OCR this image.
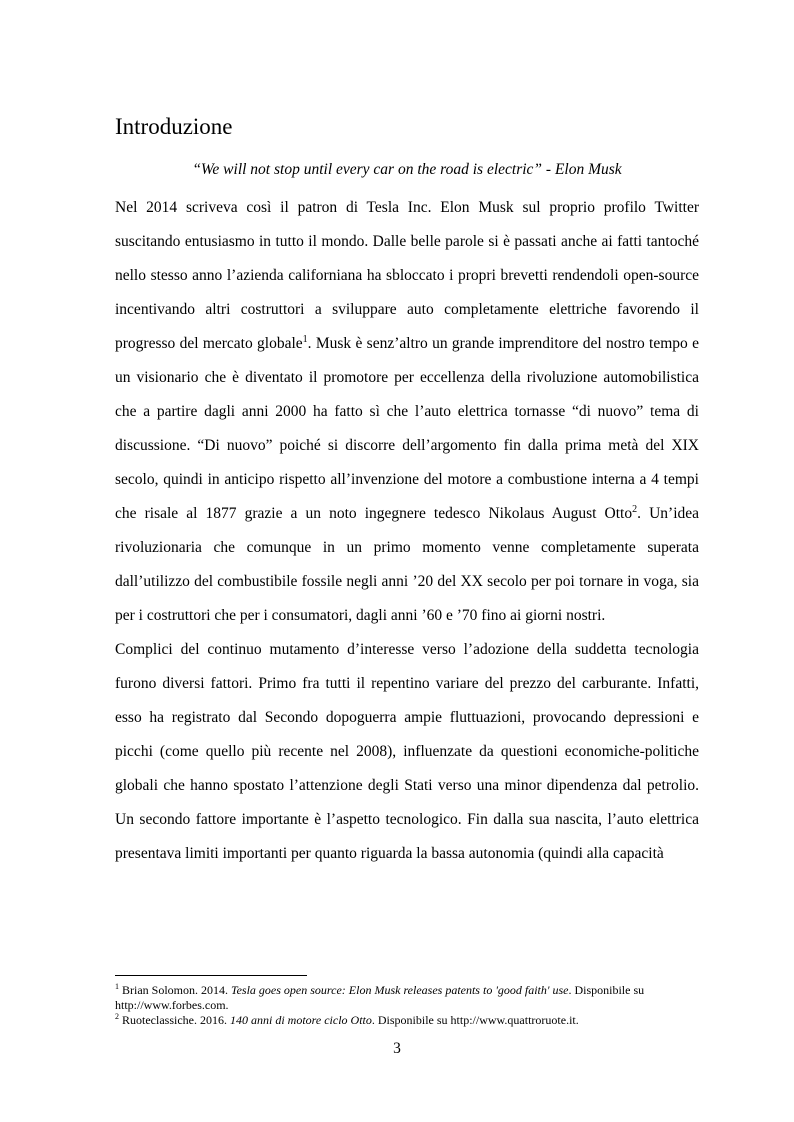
Introduzione

“We will not stop until every car on the road is electric” - Elon Musk

Nel 2014 scriveva così il patron di Tesla Inc. Elon Musk sul proprio profilo Twitter suscitando entusiasmo in tutto il mondo. Dalle belle parole si è passati anche ai fatti tantoché nello stesso anno l’azienda californiana ha sbloccato i propri brevetti rendendoli open-source incentivando altri costruttori a sviluppare auto completamente elettriche favorendo il progresso del mercato globale$^1$. Musk è senz’altro un grande imprenditore del nostro tempo e un visionario che è diventato il promotore per eccellenza della rivoluzione automobilistica che a partire dagli anni 2000 ha fatto sì che l’auto elettrica tornasse “di nuovo” tema di discussione. “Di nuovo” poiché si discorre dell’argomento fin dalla prima metà del XIX secolo, quindi in anticipo rispetto all’invenzione del motore a combustione interna a 4 tempi che risale al 1877 grazie a un noto ingegnere tedesco Nikolaus August Otto$^2$. Un’idea rivoluzionaria che comunque in un primo momento venne completamente superata dall’utilizzo del combustibile fossile negli anni ’20 del XX secolo per poi tornare in voga, sia per i costruttori che per i consumatori, dagli anni ’60 e ’70 fino ai giorni nostri.

Complici del continuo mutamento d’interesse verso l’adozione della suddetta tecnologia furono diversi fattori. Primo fra tutti il repentino variare del prezzo del carburante. Infatti, esso ha registrato dal Secondo dopoguerra ampie fluttuazioni, provocando depressioni e picchi (come quello più recente nel 2008), influenzate da questioni economiche-politiche globali che hanno spostato l’attenzione degli Stati verso una minor dipendenza dal petrolio. Un secondo fattore importante è l’aspetto tecnologico. Fin dalla sua nascita, l’auto elettrica presentava limiti importanti per quanto riguarda la bassa autonomia (quindi alla capacità

$^1$ Brian Solomon. 2014. Tesla goes open source: Elon Musk releases patents to 'good faith' use. Disponibile su http://www.forbes.com.

$^2$ Ruoteclassiche. 2016. 140 anni di motore ciclo Otto. Disponibile su http://www.quattroruote.it.

3
